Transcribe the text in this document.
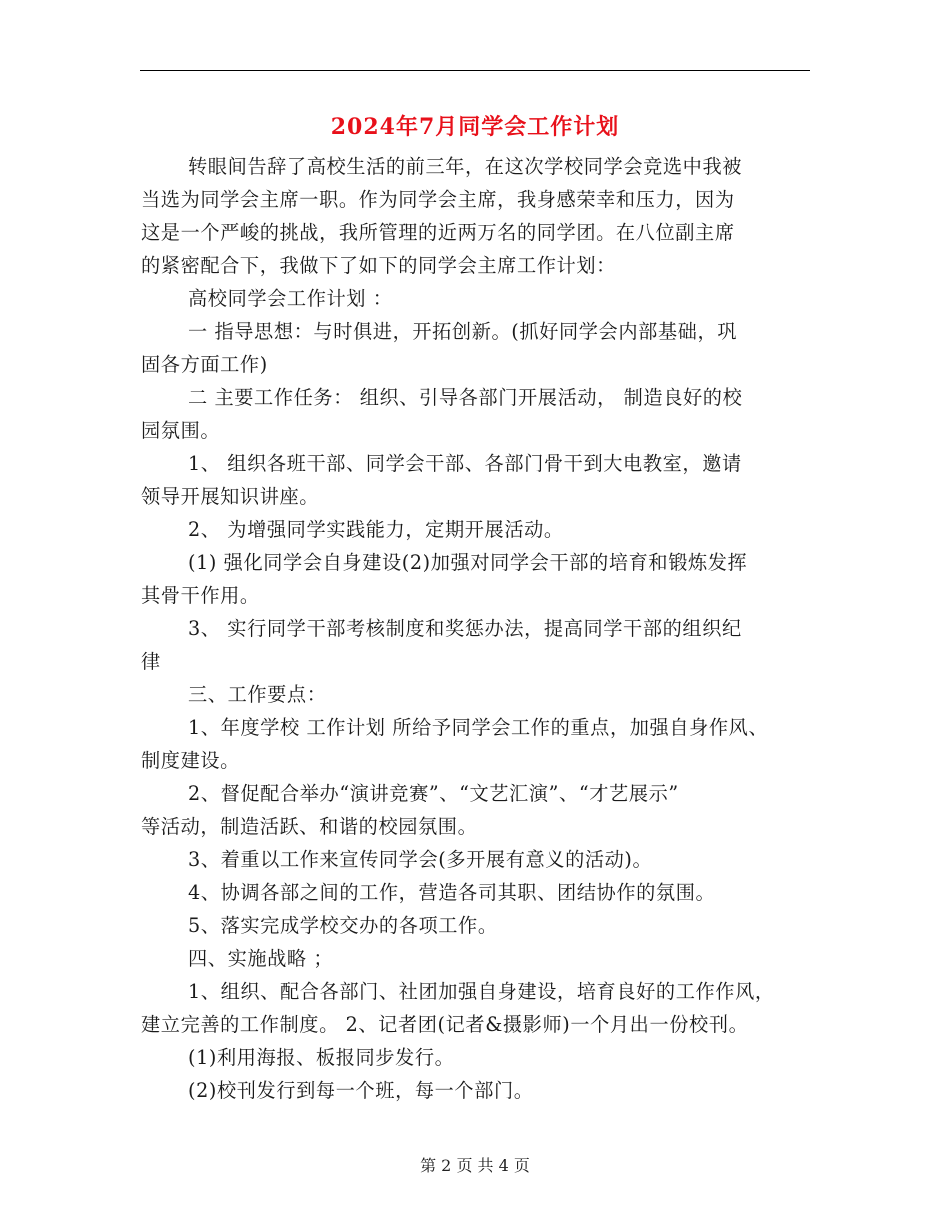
2024年7月同学会工作计划
转眼间告辞了高校生活的前三年，在这次学校同学会竞选中我被
当选为同学会主席一职。作为同学会主席，我身感荣幸和压力，因为
这是一个严峻的挑战，我所管理的近两万名的同学团。在八位副主席
的紧密配合下，我做下了如下的同学会主席工作计划：
高校同学会工作计划 ：
一 指导思想：与时俱进，开拓创新。(抓好同学会内部基础，巩
固各方面工作)
二 主要工作任务： 组织、引导各部门开展活动， 制造良好的校
园氛围。
1、 组织各班干部、同学会干部、各部门骨干到大电教室，邀请
领导开展知识讲座。
2、 为增强同学实践能力，定期开展活动。
(1) 强化同学会自身建设(2)加强对同学会干部的培育和锻炼发挥
其骨干作用。
3、 实行同学干部考核制度和奖惩办法，提高同学干部的组织纪
律
三、工作要点：
1、年度学校 工作计划 所给予同学会工作的重点，加强自身作风、
制度建设。
2、督促配合举办“演讲竞赛”、“文艺汇演”、“才艺展示”
等活动，制造活跃、和谐的校园氛围。
3、着重以工作来宣传同学会(多开展有意义的活动)。
4、协调各部之间的工作，营造各司其职、团结协作的氛围。
5、落实完成学校交办的各项工作。
四、实施战略 ；
1、组织、配合各部门、社团加强自身建设，培育良好的工作作风，
建立完善的工作制度。 2、记者团(记者&摄影师)一个月出一份校刊。
(1)利用海报、板报同步发行。
(2)校刊发行到每一个班，每一个部门。
第 2 页 共 4 页
